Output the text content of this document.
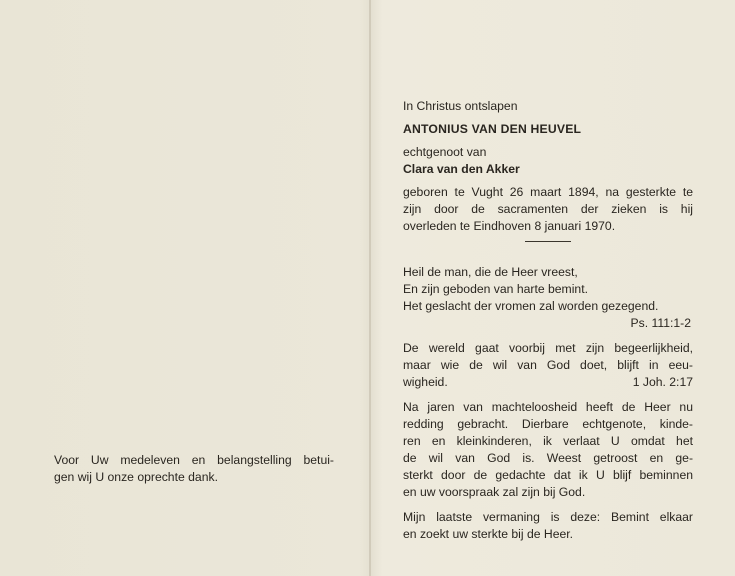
Voor Uw medeleven en belangstelling betui-
gen wij U onze oprechte dank.
In Christus ontslapen
ANTONIUS VAN DEN HEUVEL
echtgenoot van
Clara van den Akker
geboren te Vught 26 maart 1894, na gesterkte te
zijn door de sacramenten der zieken is hij
overleden te Eindhoven 8 januari 1970.
Heil de man, die de Heer vreest,
En zijn geboden van harte bemint.
Het geslacht der vromen zal worden gezegend.
Ps. 111:1-2
De wereld gaat voorbij met zijn begeerlijkheid,
maar wie de wil van God doet, blijft in eeu-
wigheid.	1 Joh. 2:17
Na jaren van machteloosheid heeft de Heer nu
redding gebracht. Dierbare echtgenote, kinde-
ren en kleinkinderen, ik verlaat U omdat het
de wil van God is. Weest getroost en ge-
sterkt door de gedachte dat ik U blijf beminnen
en uw voorspraak zal zijn bij God.
Mijn laatste vermaning is deze: Bemint elkaar
en zoekt uw sterkte bij de Heer.
